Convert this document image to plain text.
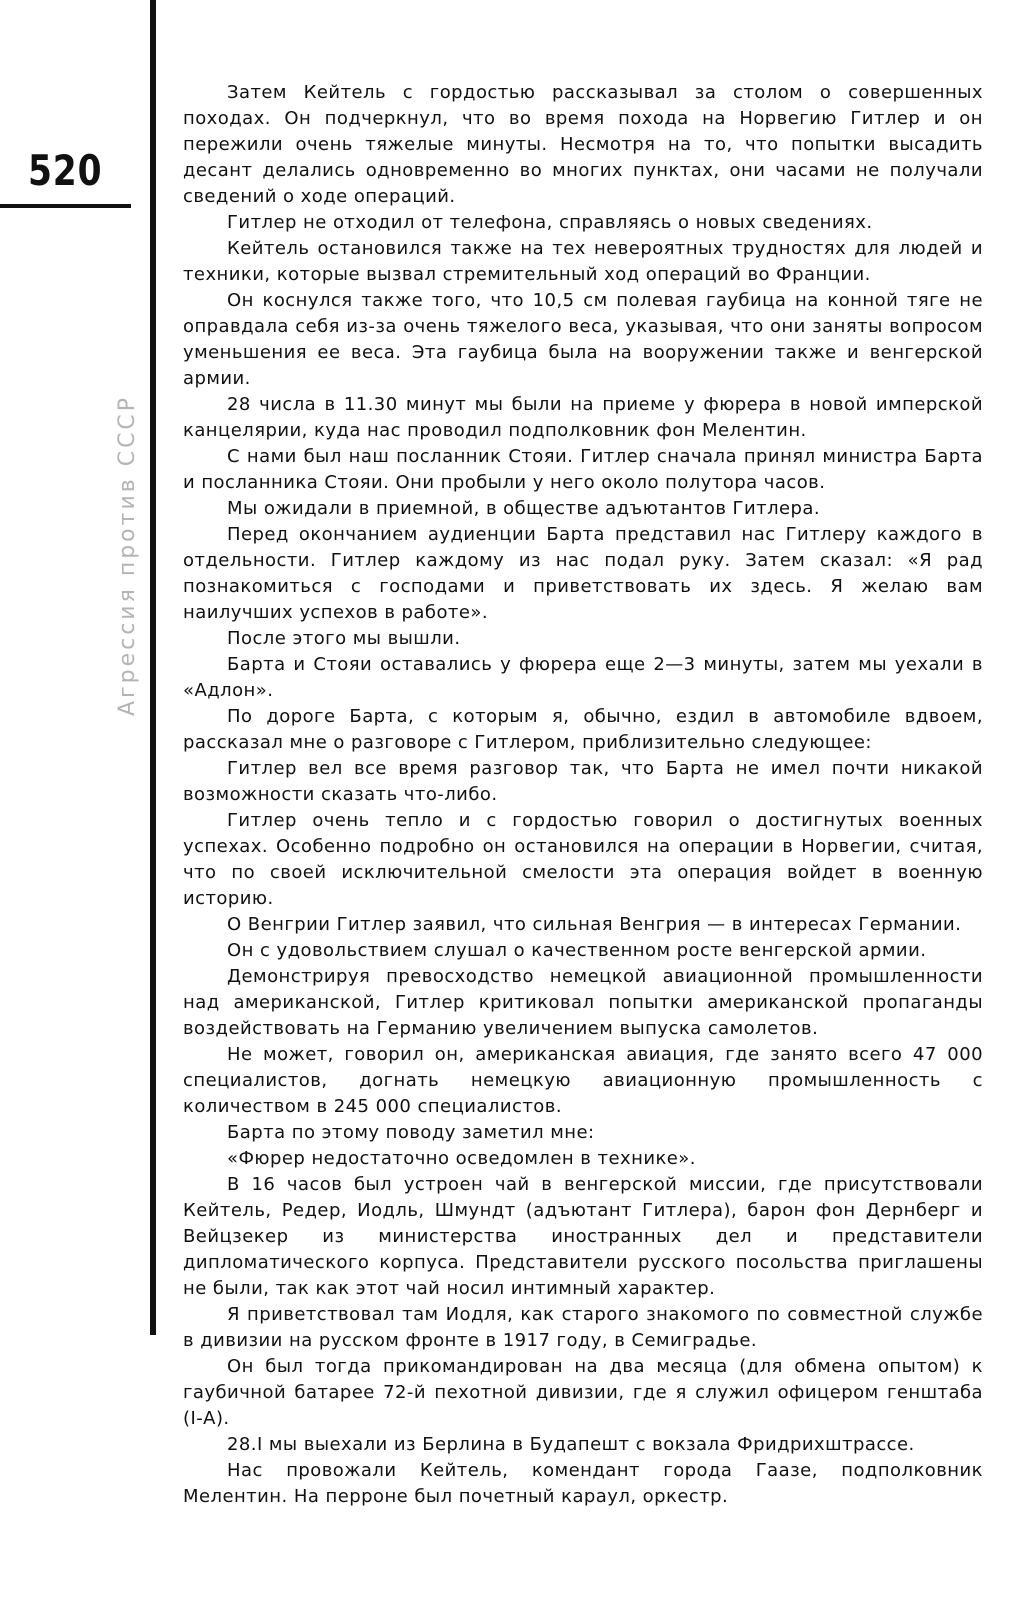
520
Агрессия против СССР

Затем Кейтель с гордостью рассказывал за столом о совершенных походах. Он подчеркнул, что во время похода на Норвегию Гитлер и он пережили очень тяжелые минуты. Несмотря на то, что попытки высадить десант делались одновременно во многих пунктах, они часами не получали сведений о ходе операций.

Гитлер не отходил от телефона, справляясь о новых сведениях.

Кейтель остановился также на тех невероятных трудностях для людей и техники, которые вызвал стремительный ход операций во Франции.

Он коснулся также того, что 10,5 см полевая гаубица на конной тяге не оправдала себя из-за очень тяжелого веса, указывая, что они заняты вопросом уменьшения ее веса. Эта гаубица была на вооружении также и венгерской армии.

28 числа в 11.30 минут мы были на приеме у фюрера в новой имперской канцелярии, куда нас проводил подполковник фон Мелентин.

С нами был наш посланник Стояи. Гитлер сначала принял министра Барта и посланника Стояи. Они пробыли у него около полутора часов.

Мы ожидали в приемной, в обществе адъютантов Гитлера.

Перед окончанием аудиенции Барта представил нас Гитлеру каждого в отдельности. Гитлер каждому из нас подал руку. Затем сказал: «Я рад познакомиться с господами и приветствовать их здесь. Я желаю вам наилучших успехов в работе».

После этого мы вышли.

Барта и Стояи оставались у фюрера еще 2—3 минуты, затем мы уехали в «Адлон».

По дороге Барта, с которым я, обычно, ездил в автомобиле вдвоем, рассказал мне о разговоре с Гитлером, приблизительно следующее:

Гитлер вел все время разговор так, что Барта не имел почти никакой возможности сказать что-либо.

Гитлер очень тепло и с гордостью говорил о достигнутых военных успехах. Особенно подробно он остановился на операции в Норвегии, считая, что по своей исключительной смелости эта операция войдет в военную историю.

О Венгрии Гитлер заявил, что сильная Венгрия — в интересах Германии.

Он с удовольствием слушал о качественном росте венгерской армии.

Демонстрируя превосходство немецкой авиационной промышленности над американской, Гитлер критиковал попытки американской пропаганды воздействовать на Германию увеличением выпуска самолетов.

Не может, говорил он, американская авиация, где занято всего 47 000 специалистов, догнать немецкую авиационную промышленность с количеством в 245 000 специалистов.

Барта по этому поводу заметил мне:

«Фюрер недостаточно осведомлен в технике».

В 16 часов был устроен чай в венгерской миссии, где присутствовали Кейтель, Редер, Иодль, Шмундт (адъютант Гитлера), барон фон Дернберг и Вейцзекер из министерства иностранных дел и представители дипломатического корпуса. Представители русского посольства приглашены не были, так как этот чай носил интимный характер.

Я приветствовал там Иодля, как старого знакомого по совместной службе в дивизии на русском фронте в 1917 году, в Семиградье.

Он был тогда прикомандирован на два месяца (для обмена опытом) к гаубичной батарее 72-й пехотной дивизии, где я служил офицером генштаба (I-А).

28.I мы выехали из Берлина в Будапешт с вокзала Фридрихштрассе.

Нас провожали Кейтель, комендант города Гаазе, подполковник Мелентин. На перроне был почетный караул, оркестр.
